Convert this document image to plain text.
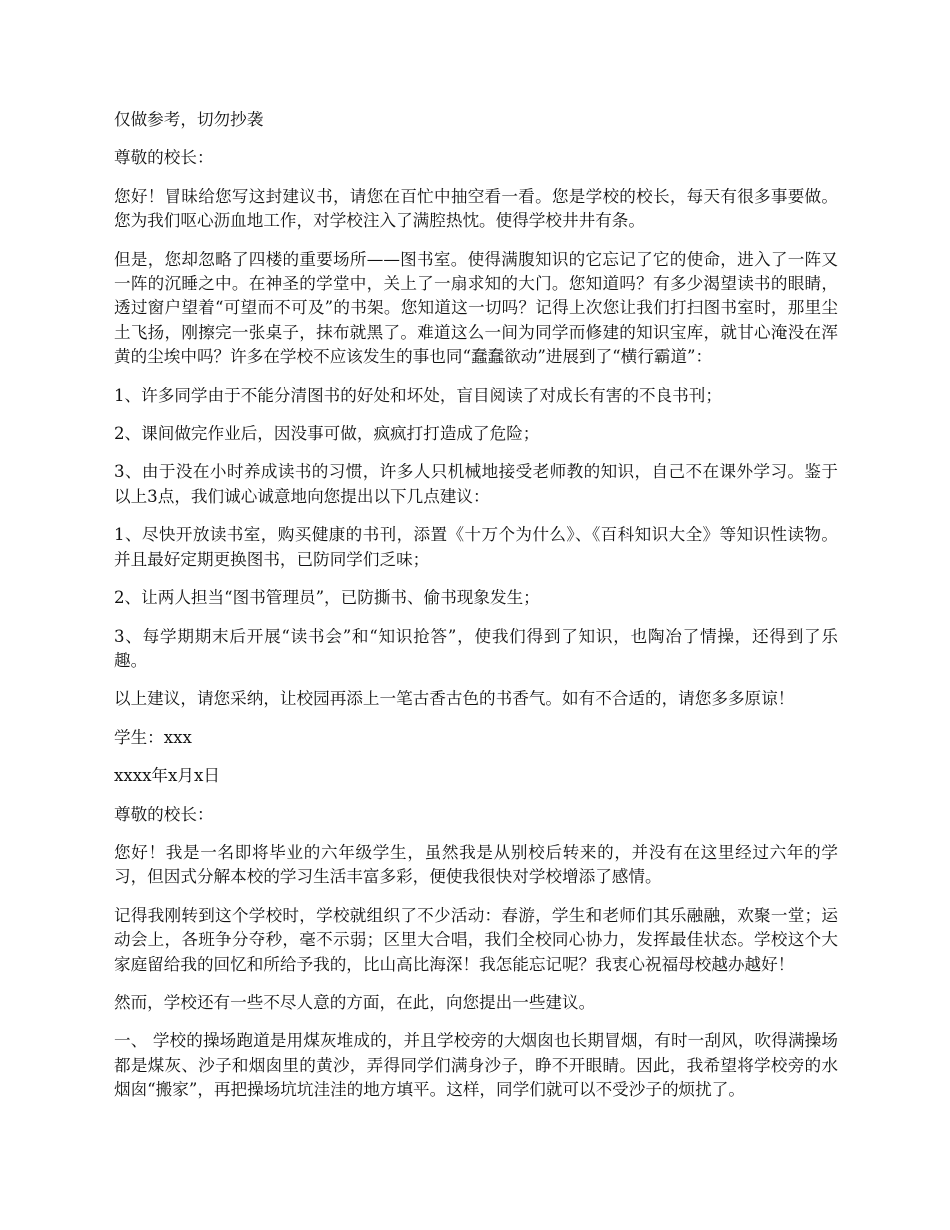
仅做参考，切勿抄袭

尊敬的校长：

您好！冒昧给您写这封建议书，请您在百忙中抽空看一看。您是学校的校长，每天有很多事要做。您为我们呕心沥血地工作，对学校注入了满腔热忱。使得学校井井有条。

但是，您却忽略了四楼的重要场所——图书室。使得满腹知识的它忘记了它的使命，进入了一阵又一阵的沉睡之中。在神圣的学堂中，关上了一扇求知的大门。您知道吗？有多少渴望读书的眼睛，透过窗户望着“可望而不可及”的书架。您知道这一切吗？记得上次您让我们打扫图书室时，那里尘土飞扬，刚擦完一张桌子，抹布就黑了。难道这么一间为同学而修建的知识宝库，就甘心淹没在浑黄的尘埃中吗？许多在学校不应该发生的事也同“蠢蠢欲动”进展到了“横行霸道”：

1、许多同学由于不能分清图书的好处和坏处，盲目阅读了对成长有害的不良书刊；

2、课间做完作业后，因没事可做，疯疯打打造成了危险；

3、由于没在小时养成读书的习惯，许多人只机械地接受老师教的知识，自己不在课外学习。鉴于以上3点，我们诚心诚意地向您提出以下几点建议：

1、尽快开放读书室，购买健康的书刊，添置《十万个为什么》、《百科知识大全》等知识性读物。并且最好定期更换图书，已防同学们乏味；

2、让两人担当“图书管理员”，已防撕书、偷书现象发生；

3、每学期期末后开展“读书会”和“知识抢答”，使我们得到了知识，也陶冶了情操，还得到了乐趣。

以上建议，请您采纳，让校园再添上一笔古香古色的书香气。如有不合适的，请您多多原谅！

学生：xxx

xxxx年x月x日

尊敬的校长：

您好！我是一名即将毕业的六年级学生，虽然我是从别校后转来的，并没有在这里经过六年的学习，但因式分解本校的学习生活丰富多彩，便使我很快对学校增添了感情。

记得我刚转到这个学校时，学校就组织了不少活动：春游，学生和老师们其乐融融，欢聚一堂；运动会上，各班争分夺秒，毫不示弱；区里大合唱，我们全校同心协力，发挥最佳状态。学校这个大家庭留给我的回忆和所给予我的，比山高比海深！我怎能忘记呢？我衷心祝福母校越办越好！

然而，学校还有一些不尽人意的方面，在此，向您提出一些建议。

一、 学校的操场跑道是用煤灰堆成的，并且学校旁的大烟囱也长期冒烟，有时一刮风，吹得满操场都是煤灰、沙子和烟囱里的黄沙，弄得同学们满身沙子，睁不开眼睛。因此，我希望将学校旁的水烟囱“搬家”，再把操场坑坑洼洼的地方填平。这样，同学们就可以不受沙子的烦扰了。
